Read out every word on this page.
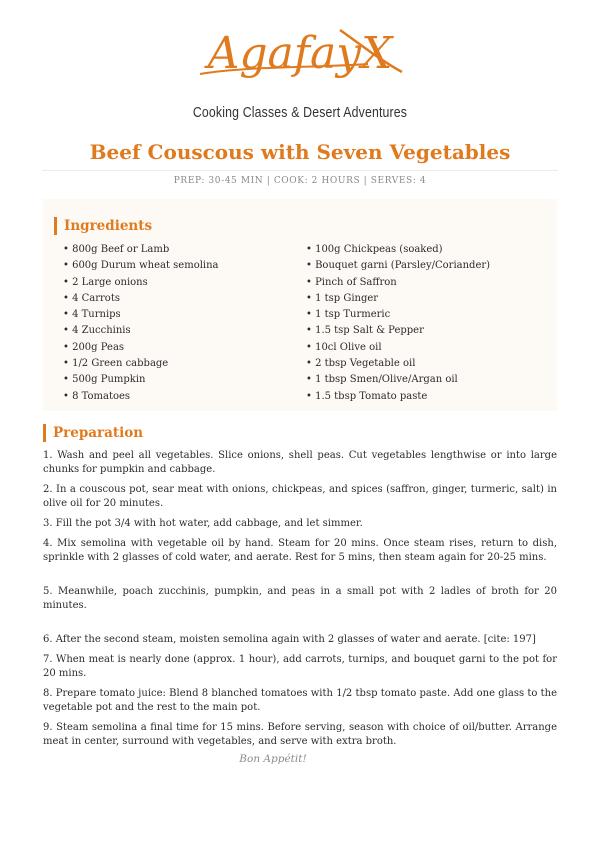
AgafayX
Cooking Classes & Desert Adventures
Beef Couscous with Seven Vegetables
PREP: 30-45 MIN | COOK: 2 HOURS | SERVES: 4
Ingredients
• 800g Beef or Lamb
• 600g Durum wheat semolina
• 2 Large onions
• 4 Carrots
• 4 Turnips
• 4 Zucchinis
• 200g Peas
• 1/2 Green cabbage
• 500g Pumpkin
• 8 Tomatoes
• 100g Chickpeas (soaked)
• Bouquet garni (Parsley/Coriander)
• Pinch of Saffron
• 1 tsp Ginger
• 1 tsp Turmeric
• 1.5 tsp Salt & Pepper
• 10cl Olive oil
• 2 tbsp Vegetable oil
• 1 tbsp Smen/Olive/Argan oil
• 1.5 tbsp Tomato paste
Preparation

1. Wash and peel all vegetables. Slice onions, shell peas. Cut vegetables lengthwise or into large chunks for pumpkin and cabbage.

2. In a couscous pot, sear meat with onions, chickpeas, and spices (saffron, ginger, turmeric, salt) in olive oil for 20 minutes.

3. Fill the pot 3/4 with hot water, add cabbage, and let simmer.

4. Mix semolina with vegetable oil by hand. Steam for 20 mins. Once steam rises, return to dish, sprinkle with 2 glasses of cold water, and aerate. Rest for 5 mins, then steam again for 20-25 mins.

5. Meanwhile, poach zucchinis, pumpkin, and peas in a small pot with 2 ladles of broth for 20 minutes.

6. After the second steam, moisten semolina again with 2 glasses of water and aerate. [cite: 197]

7. When meat is nearly done (approx. 1 hour), add carrots, turnips, and bouquet garni to the pot for 20 mins.

8. Prepare tomato juice: Blend 8 blanched tomatoes with 1/2 tbsp tomato paste. Add one glass to the vegetable pot and the rest to the main pot.

9. Steam semolina a final time for 15 mins. Before serving, season with choice of oil/butter. Arrange meat in center, surround with vegetables, and serve with extra broth.

Bon Appétit!
